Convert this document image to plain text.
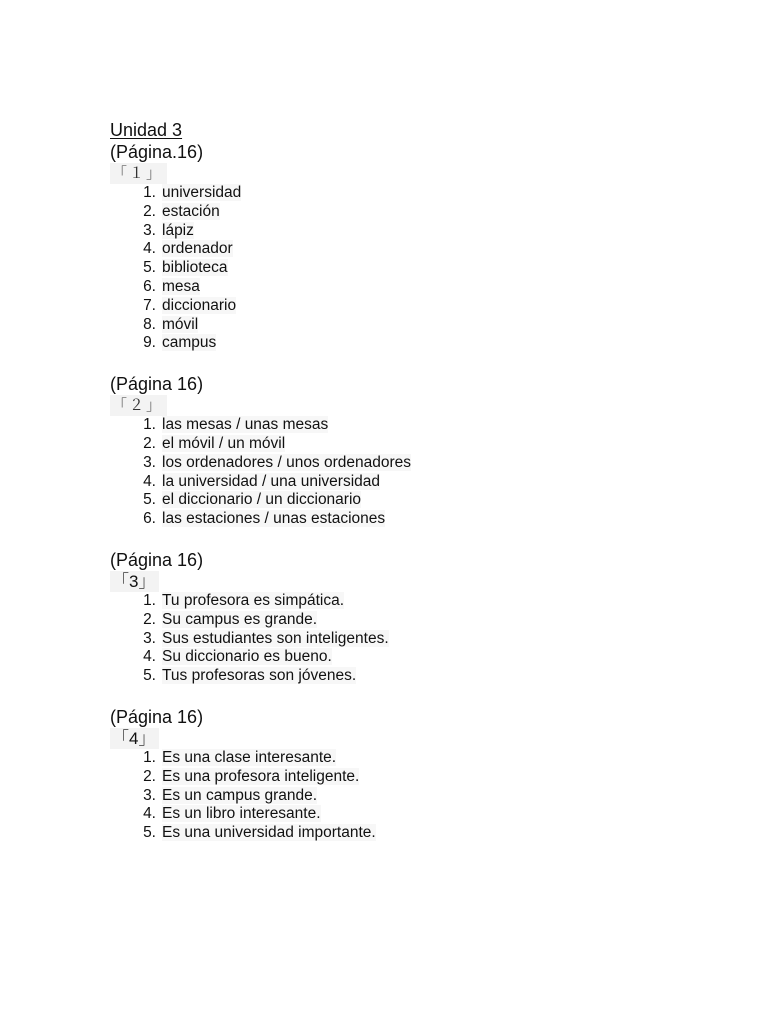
Unidad 3

(Página.16)

「１」
1. universidad
2. estación
3. lápiz
4. ordenador
5. biblioteca
6. mesa
7. diccionario
8. móvil
9. campus

(Página 16)

「２」
1. las mesas / unas mesas
2. el móvil / un móvil
3. los ordenadores / unos ordenadores
4. la universidad / una universidad
5. el diccionario / un diccionario
6. las estaciones / unas estaciones

(Página 16)

「3」
1. Tu profesora es simpática.
2. Su campus es grande.
3. Sus estudiantes son inteligentes.
4. Su diccionario es bueno.
5. Tus profesoras son jóvenes.

(Página 16)

「4」
1. Es una clase interesante.
2. Es una profesora inteligente.
3. Es un campus grande.
4. Es un libro interesante.
5. Es una universidad importante.
